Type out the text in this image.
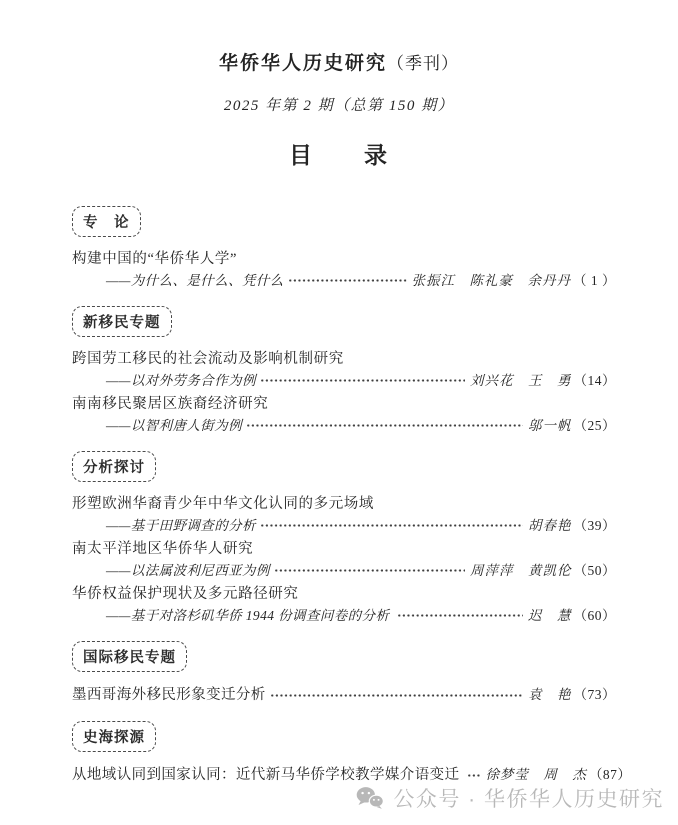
华侨华人历史研究（季刊）
2025 年第 2 期（总第 150 期）
目　　录
专　论
构建中国的“华侨华人学”
——为什么、是什么、凭什么	张振江　陈礼豪　余丹丹 （ 1 ）
新移民专题
跨国劳工移民的社会流动及影响机制研究
——以对外劳务合作为例	刘兴花　王　勇 （14）
南南移民聚居区族裔经济研究
——以智利唐人街为例	邬一帆 （25）
分析探讨
形塑欧洲华裔青少年中华文化认同的多元场域
——基于田野调查的分析	胡春艳 （39）
南太平洋地区华侨华人研究
——以法属波利尼西亚为例	周萍萍　黄凯伦 （50）
华侨权益保护现状及多元路径研究
——基于对洛杉矶华侨 1944 份调查问卷的分析	迟　慧 （60）
国际移民专题
墨西哥海外移民形象变迁分析	袁　艳 （73）
史海探源
从地域认同到国家认同：近代新马华侨学校教学媒介语变迁 徐梦莹　周　杰 （87）
公众号 · 华侨华人历史研究
